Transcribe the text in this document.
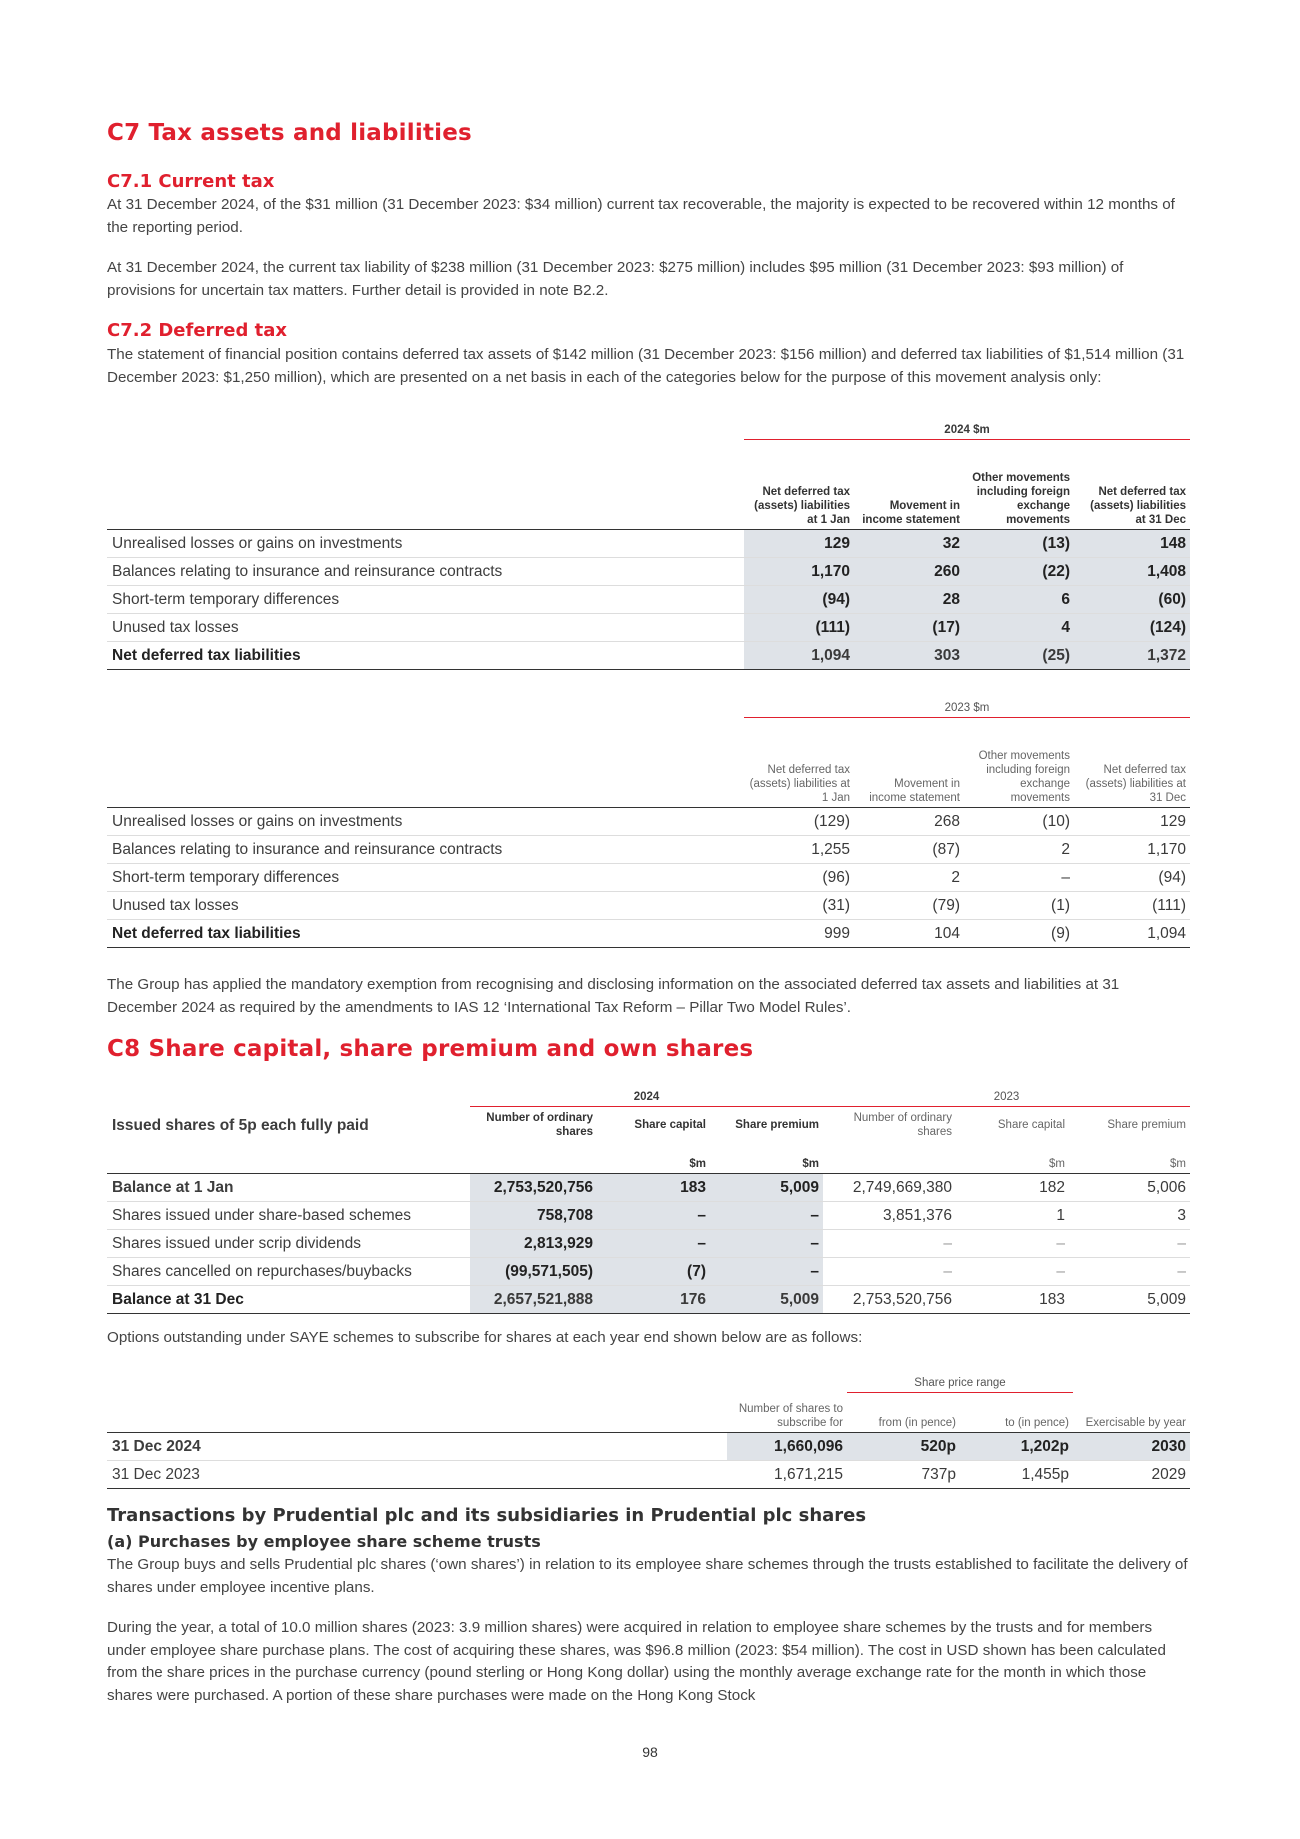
C7 Tax assets and liabilities
C7.1 Current tax

At 31 December 2024, of the $31 million (31 December 2023: $34 million) current tax recoverable, the majority is expected to be recovered within 12 months of the reporting period.

At 31 December 2024, the current tax liability of $238 million (31 December 2023: $275 million) includes $95 million (31 December 2023: $93 million) of provisions for uncertain tax matters. Further detail is provided in note B2.2.

C7.2 Deferred tax

The statement of financial position contains deferred tax assets of $142 million (31 December 2023: $156 million) and deferred tax liabilities of $1,514 million (31 December 2023: $1,250 million), which are presented on a net basis in each of the categories below for the purpose of this movement analysis only:

	2024 $m			
	Net deferred tax (assets) liabilities at 1 Jan	Movement in income statement	Other movements including foreign exchange movements	Net deferred tax (assets) liabilities at 31 Dec
Unrealised losses or gains on investments	129	32	(13)	148
Balances relating to insurance and reinsurance contracts	1,170	260	(22)	1,408
Short-term temporary differences	(94)	28	6	(60)
Unused tax losses	(111)	(17)	4	(124)
Net deferred tax liabilities	1,094	303	(25)	1,372
	2023 $m			
	Net deferred tax (assets) liabilities at 1 Jan	Movement in income statement	Other movements including foreign exchange movements	Net deferred tax (assets) liabilities at 31 Dec
Unrealised losses or gains on investments	(129)	268	(10)	129
Balances relating to insurance and reinsurance contracts	1,255	(87)	2	1,170
Short-term temporary differences	(96)	2	–	(94)
Unused tax losses	(31)	(79)	(1)	(111)
Net deferred tax liabilities	999	104	(9)	1,094

The Group has applied the mandatory exemption from recognising and disclosing information on the associated deferred tax assets and liabilities at 31 December 2024 as required by the amendments to IAS 12 ‘International Tax Reform – Pillar Two Model Rules’.

C8 Share capital, share premium and own shares
	2024			2023		
Issued shares of 5p each fully paid	Number of ordinary shares	Share capital	Share premium	Number of ordinary shares	Share capital	Share premium
		$m	$m		$m	$m
Balance at 1 Jan	2,753,520,756	183	5,009	2,749,669,380	182	5,006
Shares issued under share-based schemes	758,708	–	–	3,851,376	1	3
Shares issued under scrip dividends	2,813,929	–	–	–	–	–
Shares cancelled on repurchases/buybacks	(99,571,505)	(7)	–	–	–	–
Balance at 31 Dec	2,657,521,888	176	5,009	2,753,520,756	183	5,009

Options outstanding under SAYE schemes to subscribe for shares at each year end shown below are as follows:

		Share price range		
	Number of shares to subscribe for	from (in pence)	to (in pence)	Exercisable by year
31 Dec 2024	1,660,096	520p	1,202p	2030
31 Dec 2023	1,671,215	737p	1,455p	2029
Transactions by Prudential plc and its subsidiaries in Prudential plc shares
(a) Purchases by employee share scheme trusts

The Group buys and sells Prudential plc shares (‘own shares’) in relation to its employee share schemes through the trusts established to facilitate the delivery of shares under employee incentive plans.

During the year, a total of 10.0 million shares (2023: 3.9 million shares) were acquired in relation to employee share schemes by the trusts and for members under employee share purchase plans. The cost of acquiring these shares, was $96.8 million (2023: $54 million). The cost in USD shown has been calculated from the share prices in the purchase currency (pound sterling or Hong Kong dollar) using the monthly average exchange rate for the month in which those shares were purchased. A portion of these share purchases were made on the Hong Kong Stock

98
